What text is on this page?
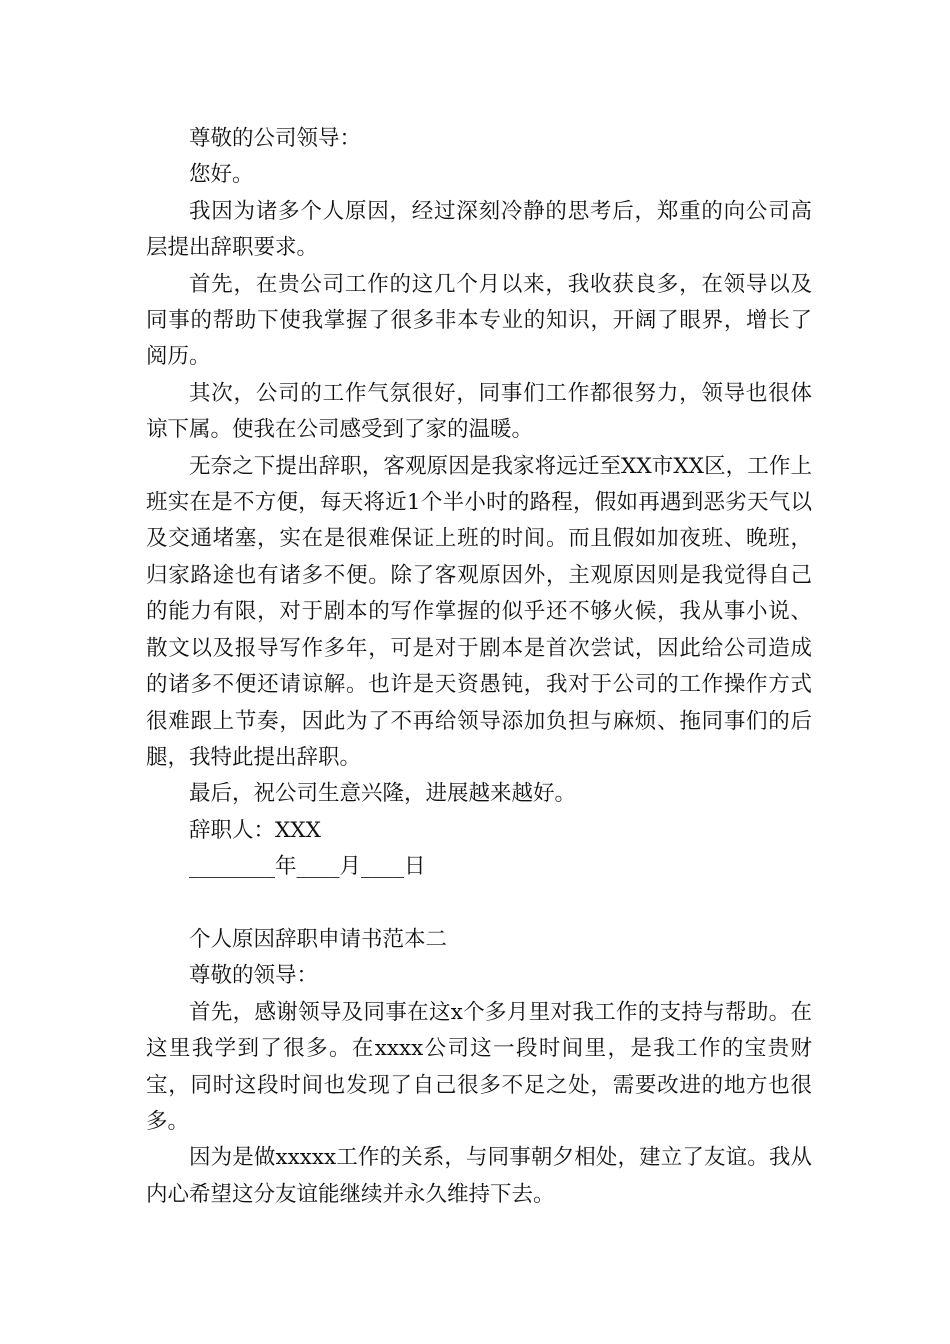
尊敬的公司领导：

您好。

我因为诸多个人原因，经过深刻冷静的思考后，郑重的向公司高层提出辞职要求。

首先，在贵公司工作的这几个月以来，我收获良多，在领导以及同事的帮助下使我掌握了很多非本专业的知识，开阔了眼界，增长了阅历。

其次，公司的工作气氛很好，同事们工作都很努力，领导也很体谅下属。使我在公司感受到了家的温暖。

无奈之下提出辞职，客观原因是我家将远迁至XX市XX区，工作上班实在是不方便，每天将近1个半小时的路程，假如再遇到恶劣天气以及交通堵塞，实在是很难保证上班的时间。而且假如加夜班、晚班，归家路途也有诸多不便。除了客观原因外，主观原因则是我觉得自己的能力有限，对于剧本的写作掌握的似乎还不够火候，我从事小说、散文以及报导写作多年，可是对于剧本是首次尝试，因此给公司造成的诸多不便还请谅解。也许是天资愚钝，我对于公司的工作操作方式很难跟上节奏，因此为了不再给领导添加负担与麻烦、拖同事们的后腿，我特此提出辞职。

最后，祝公司生意兴隆，进展越来越好。

辞职人：XXX

________年____月____日

个人原因辞职申请书范本二

尊敬的领导：

首先，感谢领导及同事在这x个多月里对我工作的支持与帮助。在这里我学到了很多。在xxxx公司这一段时间里，是我工作的宝贵财宝，同时这段时间也发现了自己很多不足之处，需要改进的地方也很多。

因为是做xxxxx工作的关系，与同事朝夕相处，建立了友谊。我从内心希望这分友谊能继续并永久维持下去。
